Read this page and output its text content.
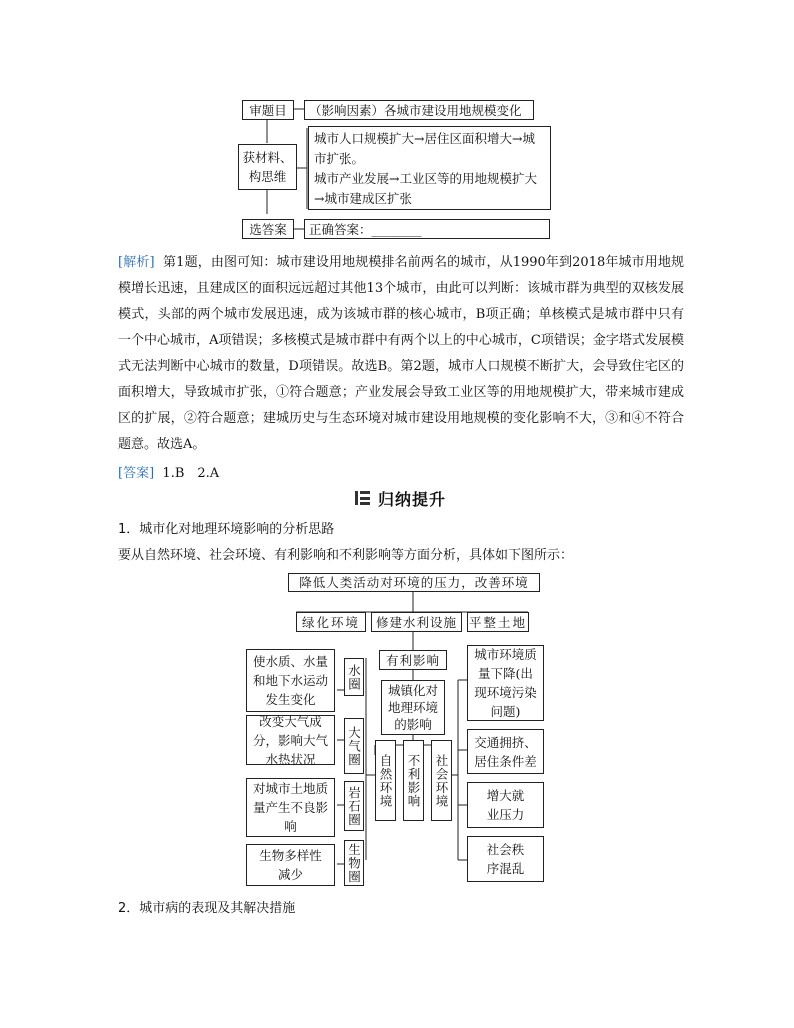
审题目	（影响因素）各城市建设用地规模变化
获材料、构思维
城市人口规模扩大→居住区面积增大→城市扩张。
城市产业发展→工业区等的用地规模扩大→城市建成区扩张
选答案	正确答案：________
[解析] 第1题，由图可知：城市建设用地规模排名前两名的城市，从1990年到2018年城市用地规模增长迅速，且建成区的面积远远超过其他13个城市，由此可以判断：该城市群为典型的双核发展模式，头部的两个城市发展迅速，成为该城市群的核心城市，B项正确；单核模式是城市群中只有一个中心城市，A项错误；多核模式是城市群中有两个以上的中心城市，C项错误；金字塔式发展模式无法判断中心城市的数量，D项错误。故选B。第2题，城市人口规模不断扩大，会导致住宅区的面积增大，导致城市扩张，①符合题意；产业发展会导致工业区等的用地规模扩大，带来城市建成区的扩展，②符合题意；建城历史与生态环境对城市建设用地规模的变化影响不大，③和④不符合题意。故选A。
[答案] 1.B　2.A
归纳提升
1．城市化对地理环境影响的分析思路
要从自然环境、社会环境、有利影响和不利影响等方面分析，具体如下图所示：
降低人类活动对环境的压力，改善环境
绿化环境	修建水利设施 平整土地
有利影响
城镇化对地理环境的影响
自然环境 不利影响 社会环境
水圈
大气圈
岩石圈
生物圈
使水质、水量和地下水运动发生变化
改变大气成分，影响大气水热状况
对城市土地质量产生不良影响
生物多样性减少
城市环境质量下降(出现环境污染问题)
交通拥挤、居住条件差
增大就业压力
社会秩序混乱
2．城市病的表现及其解决措施
